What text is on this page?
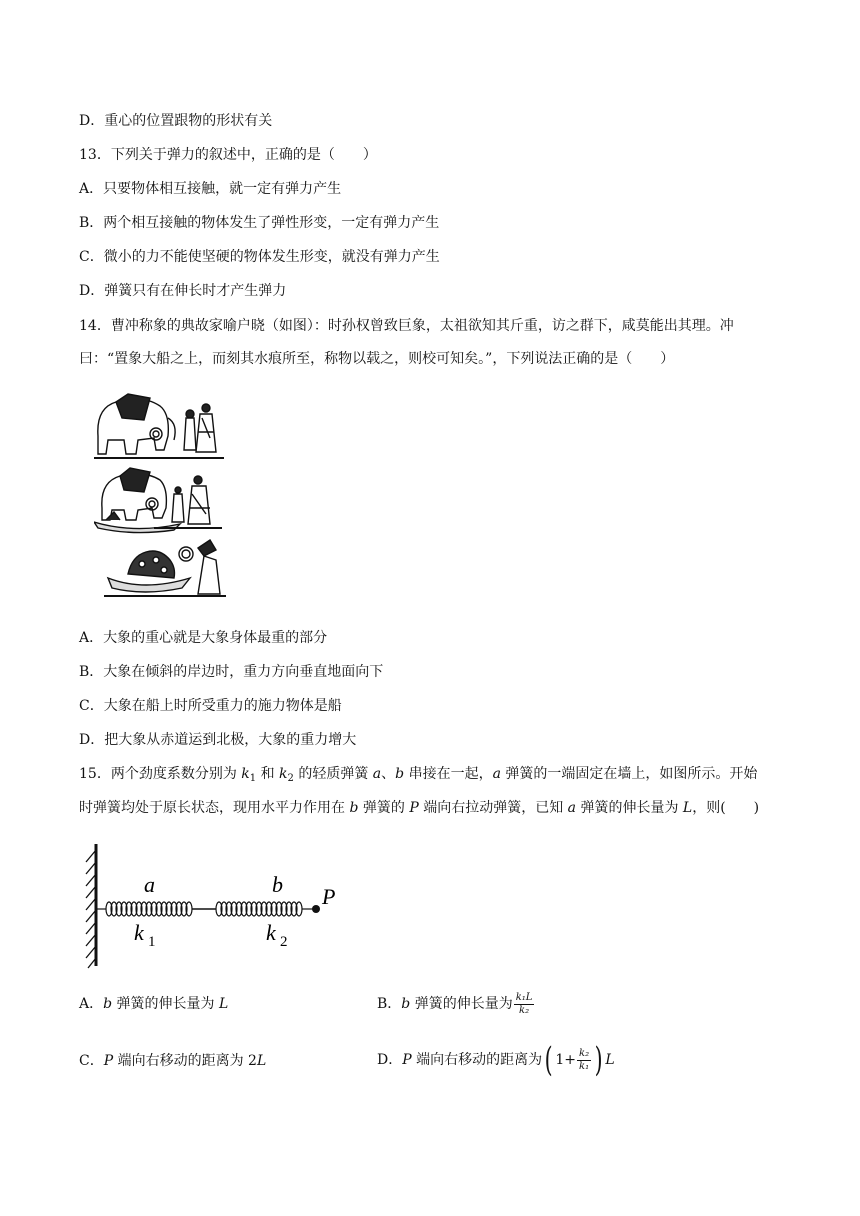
D．重心的位置跟物的形状有关
13．下列关于弹力的叙述中，正确的是（　　）
A．只要物体相互接触，就一定有弹力产生
B．两个相互接触的物体发生了弹性形变，一定有弹力产生
C．微小的力不能使坚硬的物体发生形变，就没有弹力产生
D．弹簧只有在伸长时才产生弹力
14．曹冲称象的典故家喻户晓（如图）：时孙权曾致巨象，太祖欲知其斤重，访之群下，咸莫能出其理。冲
曰：“置象大船之上，而刻其水痕所至，称物以载之，则校可知矣。”，下列说法正确的是（　　）
A．大象的重心就是大象身体最重的部分
B．大象在倾斜的岸边时，重力方向垂直地面向下
C．大象在船上时所受重力的施力物体是船
D．把大象从赤道运到北极，大象的重力增大
15．两个劲度系数分别为 $k_1$ 和 $k_2$ 的轻质弹簧 a、b 串接在一起，a 弹簧的一端固定在墙上，如图所示。开始
时弹簧均处于原长状态，现用水平力作用在 b 弹簧的 P 端向右拉动弹簧，已知 a 弹簧的伸长量为 L，则(　　)
a	b P
k 1	k 2
A．b 弹簧的伸长量为 L	B．b 弹簧的伸长量为 $\frac{\text{k₁L}}{\text{k₂}}$
C．P 端向右移动的距离为 2L	D．P 端向右移动的距离为( $1+ \frac{\text{k₂}}{\text{k₁}}$ ) L
